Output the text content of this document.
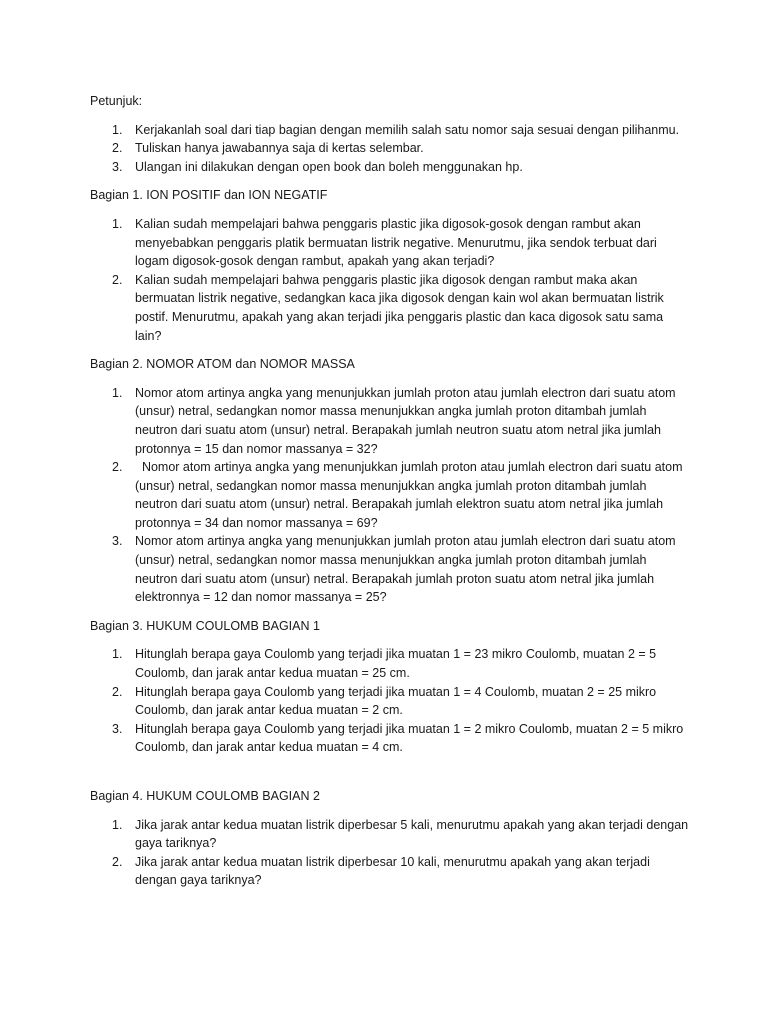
Petunjuk:

1. Kerjakanlah soal dari tiap bagian dengan memilih salah satu nomor saja sesuai dengan pilihanmu.
2. Tuliskan hanya jawabannya saja di kertas selembar.
3. Ulangan ini dilakukan dengan open book dan boleh menggunakan hp.

Bagian 1. ION POSITIF dan ION NEGATIF

1. Kalian sudah mempelajari bahwa penggaris plastic jika digosok-gosok dengan rambut akan menyebabkan penggaris platik bermuatan listrik negative. Menurutmu, jika sendok terbuat dari logam digosok-gosok dengan rambut, apakah yang akan terjadi?
2. Kalian sudah mempelajari bahwa penggaris plastic jika digosok dengan rambut maka akan bermuatan listrik negative, sedangkan kaca jika digosok dengan kain wol akan bermuatan listrik postif. Menurutmu, apakah yang akan terjadi jika penggaris plastic dan kaca digosok satu sama lain?

Bagian 2. NOMOR ATOM dan NOMOR MASSA

1. Nomor atom artinya angka yang menunjukkan jumlah proton atau jumlah electron dari suatu atom (unsur) netral, sedangkan nomor massa menunjukkan angka jumlah proton ditambah jumlah neutron dari suatu atom (unsur) netral. Berapakah jumlah neutron suatu atom netral jika jumlah protonnya = 15 dan nomor massanya = 32?
2. Nomor atom artinya angka yang menunjukkan jumlah proton atau jumlah electron dari suatu atom (unsur) netral, sedangkan nomor massa menunjukkan angka jumlah proton ditambah jumlah neutron dari suatu atom (unsur) netral. Berapakah jumlah elektron suatu atom netral jika jumlah protonnya = 34 dan nomor massanya = 69?
3. Nomor atom artinya angka yang menunjukkan jumlah proton atau jumlah electron dari suatu atom (unsur) netral, sedangkan nomor massa menunjukkan angka jumlah proton ditambah jumlah neutron dari suatu atom (unsur) netral. Berapakah jumlah proton suatu atom netral jika jumlah elektronnya = 12 dan nomor massanya = 25?

Bagian 3. HUKUM COULOMB BAGIAN 1

1. Hitunglah berapa gaya Coulomb yang terjadi jika muatan 1 = 23 mikro Coulomb, muatan 2 = 5 Coulomb, dan jarak antar kedua muatan = 25 cm.
2. Hitunglah berapa gaya Coulomb yang terjadi jika muatan 1 = 4 Coulomb, muatan 2 = 25 mikro Coulomb, dan jarak antar kedua muatan = 2 cm.
3. Hitunglah berapa gaya Coulomb yang terjadi jika muatan 1 = 2 mikro Coulomb, muatan 2 = 5 mikro Coulomb, dan jarak antar kedua muatan = 4 cm.

Bagian 4. HUKUM COULOMB BAGIAN 2

1. Jika jarak antar kedua muatan listrik diperbesar 5 kali, menurutmu apakah yang akan terjadi dengan gaya tariknya?
2. Jika jarak antar kedua muatan listrik diperbesar 10 kali, menurutmu apakah yang akan terjadi dengan gaya tariknya?
